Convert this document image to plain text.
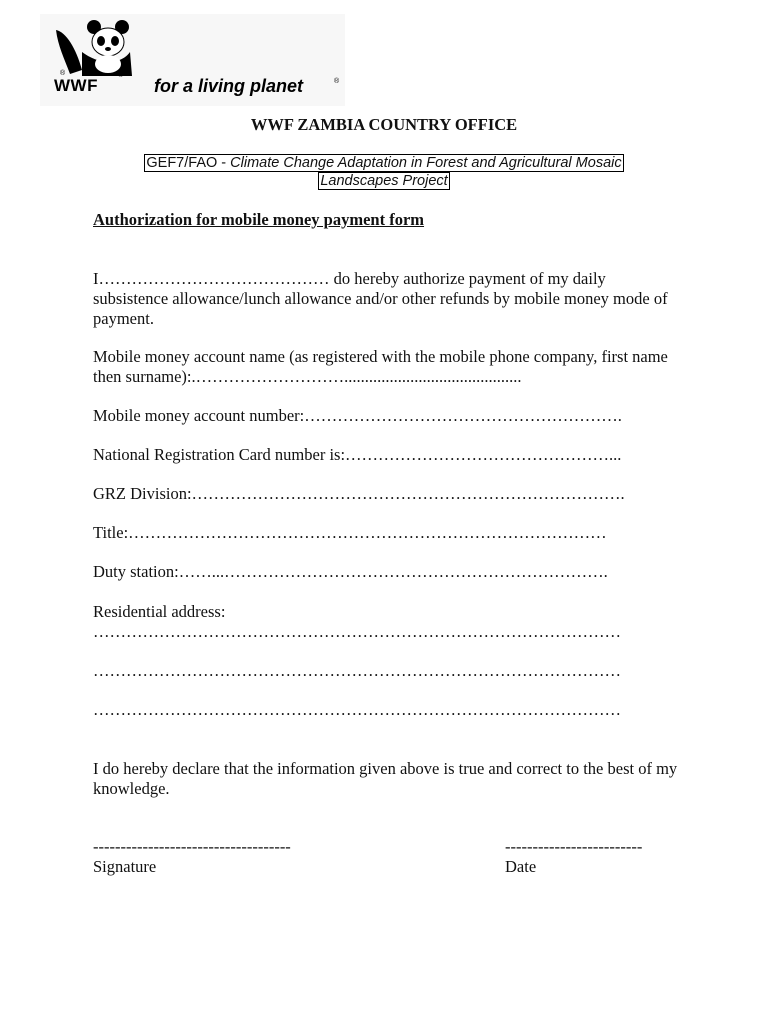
®
WWF
®
for a living planet	®
WWF ZAMBIA COUNTRY OFFICE
GEF7/FAO - Climate Change Adaptation in Forest and Agricultural Mosaic
Landscapes Project
Authorization for mobile money payment form
I…………………………………… do hereby authorize payment of my daily subsistence allowance/lunch allowance and/or other refunds by mobile money mode of payment.
Mobile money account name (as registered with the mobile phone company, first name then surname):.………………………...........................................
Mobile money account number:………………………………………………….
National Registration Card number is:…………………………………………...
GRZ Division:…………………………………………………………………….
Title:……………………………………………………………………………
Duty station:……...…………………………………………………………….
Residential address:
……………………………………………………………………………………
……………………………………………………………………………………
……………………………………………………………………………………
I do hereby declare that the information given above is true and correct to the best of my knowledge.
------------------------------------
Signature
-------------------------
Date
